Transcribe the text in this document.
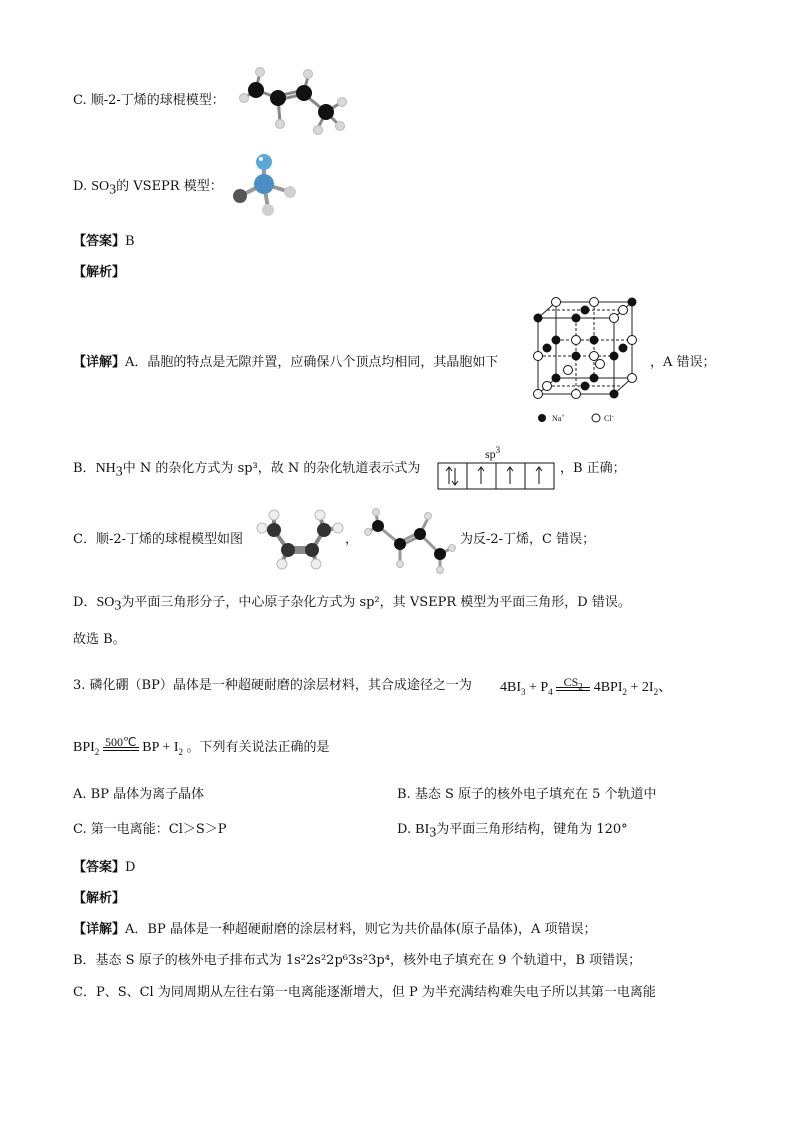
C. 顺-2-丁烯的球棍模型：
D. $SO_3$的 VSEPR 模型：
【答案】B
【解析】
【详解】A．晶胞的特点是无隙并置，应确保八个顶点均相同，其晶胞如下	，A 错误；
Na+	Cl-
B．$NH_3$中 N 的杂化方式为 sp³，故 N 的杂化轨道表示式为
$sp^3$
，B 正确；
C．顺-2-丁烯的球棍模型如图	，	为反-2-丁烯，C 错误；
D．$SO_3$为平面三角形分子，中心原子杂化方式为 sp²，其 VSEPR 模型为平面三角形，D 错误。
故选 B。
3. 磷化硼（BP）晶体是一种超硬耐磨的涂层材料，其合成途径之一为 $4BI_3 + P_4$
$CS_2$ $4BPI_2 + 2I_2$、
$BPI_2$
500℃ BP + $I_2$ 。下列有关说法正确的是
A. BP 晶体为离子晶体	B. 基态 S 原子的核外电子填充在 5 个轨道中
C. 第一电离能：Cl＞S＞P	D. $BI_3$为平面三角形结构，键角为 120°
【答案】D
【解析】
【详解】A．BP 晶体是一种超硬耐磨的涂层材料，则它为共价晶体(原子晶体)，A 项错误；
B．基态 S 原子的核外电子排布式为 1s²2s²2p⁶3s²3p⁴，核外电子填充在 9 个轨道中，B 项错误；
C．P、S、Cl 为同周期从左往右第一电离能逐渐增大，但 P 为半充满结构难失电子所以其第一电离能
